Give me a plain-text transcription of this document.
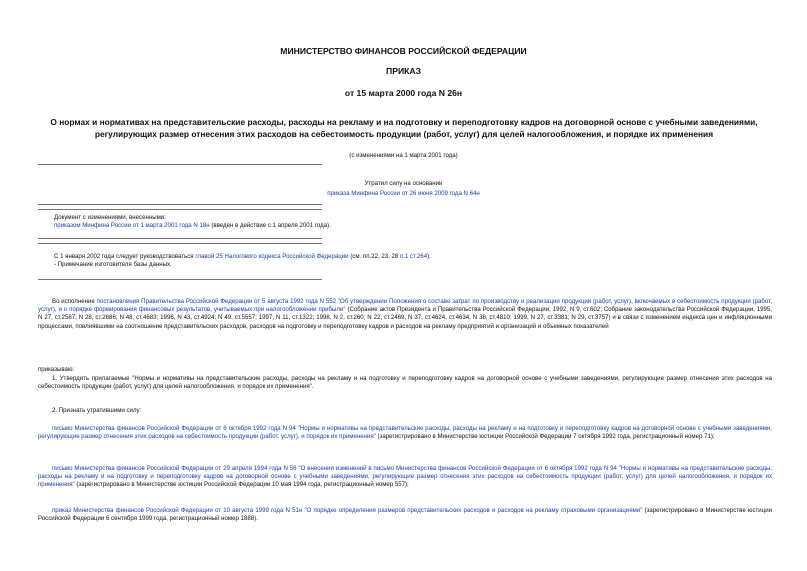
МИНИСТЕРСТВО ФИНАНСОВ РОССИЙСКОЙ ФЕДЕРАЦИИ
ПРИКАЗ
от 15 марта 2000 года N 26н
О нормах и нормативах на представительские расходы, расходы на рекламу и на подготовку и переподготовку кадров на договорной основе с учебными заведениями, регулирующих размер отнесения этих расходов на себестоимость продукции (работ, услуг) для целей налогообложения, и порядке их применения
(с изменениями на 1 марта 2001 года)
Утратил силу на основании
приказа Минфина России от 26 июня 2009 года N 64н

Документ с изменениями, внесенными:

приказом Минфина России от 1 марта 2001 года N 18н (введен в действие с 1 апреля 2001 года).

С 1 января 2002 года следует руководствоваться главой 25 Налогового кодекса Российской Федерации (см. пп.22, 23, 28 п.1 ст.264).

- Примечание изготовителя базы данных.

Во исполнение постановления Правительства Российской Федерации от 5 августа 1992 года N 552 "Об утверждении Положения о составе затрат по производству и реализации продукции (работ, услуг), включаемых в себестоимость продукции (работ, услуг), и о порядке формирования финансовых результатов, учитываемых при налогообложении прибыли" (Собрание актов Президента и Правительства Российской Федерации, 1992, N 9, ст.602; Собрание законодательства Российской Федерации, 1995, N 27, ст.2587; N 28, ст.2686; N 48, ст.4683; 1996, N 43, ст.4924; N 49, ст.5557; 1997, N 11, ст.1322; 1998, N 2, ст.260; N 22, ст.2469, N 37, ст.4624, ст.4634, N 38, ст.4810; 1999, N 27, ст.3381; N 29, ст.3757) и в связи с изменением индекса цен и инфляционными процессами, повлиявшими на соотношение представительских расходов, расходов на подготовку и переподготовку кадров и расходов на рекламу предприятий и организаций и объемных показателей
приказываю:
1. Утвердить прилагаемые "Нормы и нормативы на представительские расходы, расходы на рекламу и на подготовку и переподготовку кадров на договорной основе с учебными заведениями, регулирующие размер отнесения этих расходов на себестоимость продукции (работ, услуг) для целей налогообложения, и порядок их применения".
2. Признать утратившими силу:
письмо Министерства финансов Российской Федерации от 6 октября 1992 года N 94 "Нормы и нормативы на представительские расходы, расходы на рекламу и на подготовку и переподготовку кадров на договорной основе с учебными заведениями, регулирующие размер отнесения этих расходов на себестоимость продукции (работ, услуг), и порядок их применения" (зарегистрировано в Министерстве юстиции Российской Федерации 7 октября 1992 года, регистрационный номер 71);
письмо Министерства финансов Российской Федерации от 29 апреля 1994 года N 56 "О внесении изменений в письмо Министерства финансов Российской Федерации от 6 октября 1992 года N 94 "Нормы и нормативы на представительские расходы, расходы на рекламу и на подготовку и переподготовку кадров на договорной основе с учебными заведениями, регулирующие размер отнесения этих расходов на себестоимость продукции (работ, услуг) для целей налогообложения, и порядок их применения" (зарегистрировано в Министерстве юстиции Российской Федерации 10 мая 1994 года, регистрационный номер 557);
приказ Министерства финансов Российской Федерации от 10 августа 1999 года N 51н "О порядке определения размеров представительских расходов и расходов на рекламу страховыми организациями" (зарегистрировано в Министерстве юстиции Российской Федерации 6 сентября 1999 года, регистрационный номер 1888).
